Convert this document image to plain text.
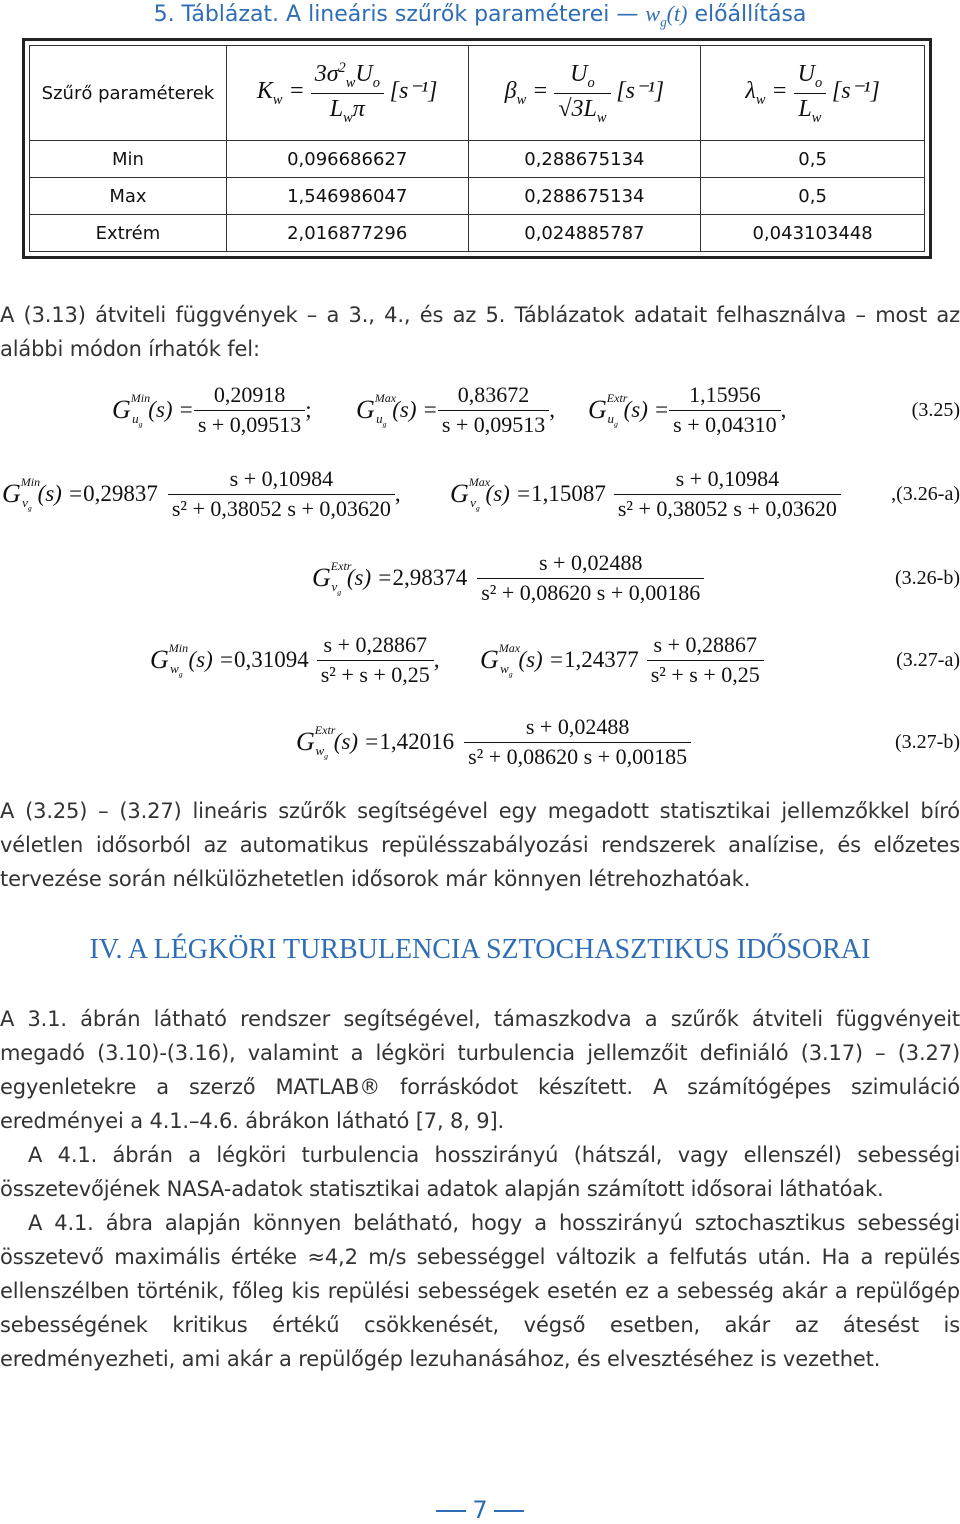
5. Táblázat. A lineáris szűrők paraméterei — $w_g(t)$ előállítása
Szűrő paraméterek	$K_w = \frac{3\sigma^2_wU_o}{L_w\pi} [s^{-1}]$	$\beta_w = \frac{U_o}{√3L_w} [s^{-1}]$	$\lambda_w = \frac{U_o}{L_w} [s^{-1}]$
Min	0,096686627	0,288675134	0,5
Max	1,546986047	0,288675134	0,5
Extrém	2,016877296	0,024885787	0,043103448
A (3.13) átviteli függvények – a 3., 4., és az 5. Táblázatok adatait felhasználva – most az alábbi módon írhatók fel:
G Min
$u_g$
$(s) = \frac{0,20918}{s + 0,09513}$ ; G Max
$u_g$
$(s) = \frac{0,83672}{s + 0,09513}$ , G Extr
$u_g$
$(s) = \frac{1,15956}{s + 0,04310}$ ,	(3.25)
G Min
$v_g$
$(s) = 0,29837 \frac{s + 0,10984}{\text{s² + 0,38052 s + 0,03620}}$ , G Max
$v_g$
$(s) = 1,15087 \frac{s + 0,10984}{\text{s² + 0,38052 s + 0,03620}}$	,(3.26-a)
G Extr
$v_g$
$(s) = 2,98374 \frac{s + 0,02488}{\text{s² + 0,08620 s + 0,00186}}$	(3.26-b)
G Min
$w_g$
$(s) = 0,31094 \frac{s + 0,28867}{\text{s² + s + 0,25}}$ , G Max
$w_g$
$(s) = 1,24377 \frac{s + 0,28867}{\text{s² + s + 0,25}}$	(3.27-a)
G Extr
$w_g$
$(s) = 1,42016 \frac{s + 0,02488}{\text{s² + 0,08620 s + 0,00185}}$	(3.27-b)
A (3.25) – (3.27) lineáris szűrők segítségével egy megadott statisztikai jellemzőkkel bíró véletlen idősorból az automatikus repülésszabályozási rendszerek analízise, és előzetes tervezése során nélkülözhetetlen idősorok már könnyen létrehozhatóak.
IV. A LÉGKÖRI TURBULENCIA SZTOCHASZTIKUS IDŐSORAI
A 3.1. ábrán látható rendszer segítségével, támaszkodva a szűrők átviteli függvényeit megadó (3.10)-(3.16), valamint a légköri turbulencia jellemzőit definiáló (3.17) – (3.27) egyenletekre a szerző MATLAB® forráskódot készített. A számítógépes szimuláció eredményei a 4.1.–4.6. ábrákon látható [7, 8, 9].
A 4.1. ábrán a légköri turbulencia hosszirányú (hátszál, vagy ellenszél) sebességi összetevőjének NASA-adatok statisztikai adatok alapján számított idősorai láthatóak.
A 4.1. ábra alapján könnyen belátható, hogy a hosszirányú sztochasztikus sebességi összetevő maximális értéke ≈4,2 m/s sebességgel változik a felfutás után. Ha a repülés ellenszélben történik, főleg kis repülési sebességek esetén ez a sebesség akár a repülőgép sebességének kritikus értékű csökkenését, végső esetben, akár az átesést is eredményezheti, ami akár a repülőgép lezuhanásához, és elvesztéséhez is vezethet.
7
